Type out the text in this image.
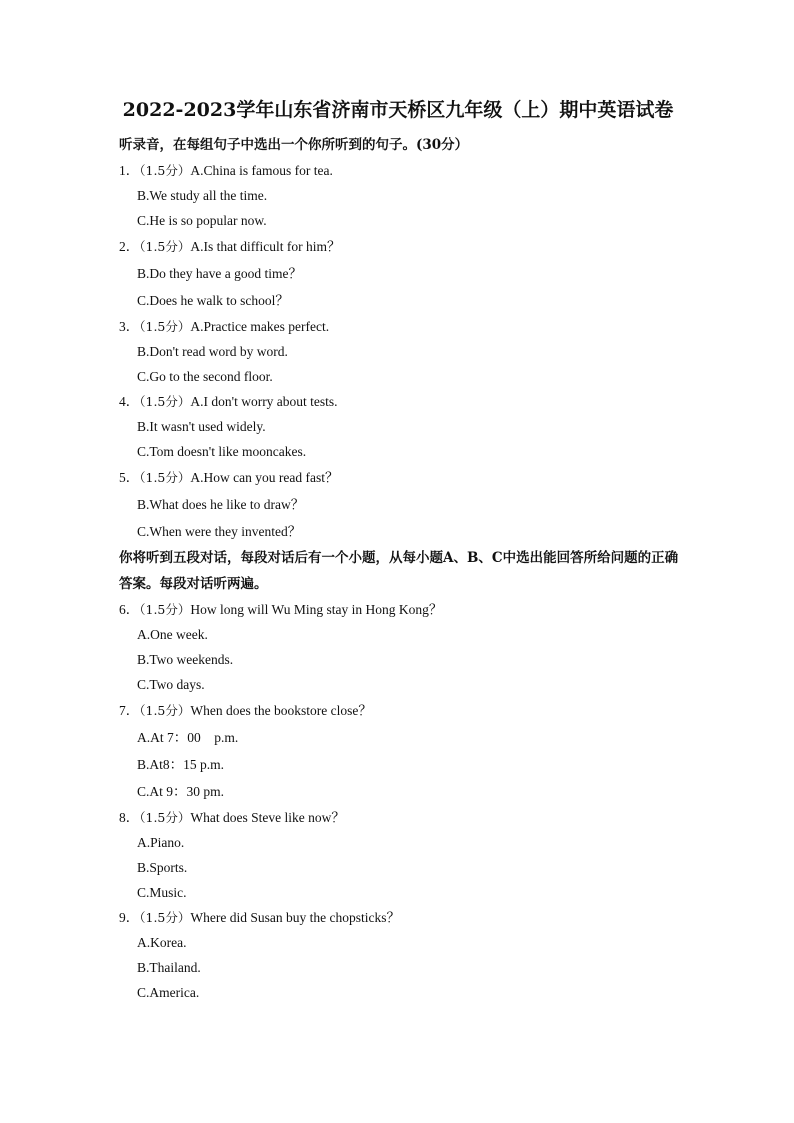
2022-2023学年山东省济南市天桥区九年级（上）期中英语试卷
听录音，在每组句子中选出一个你所听到的句子。(30分）
1．（1.5分）A.China is famous for tea.
B.We study all the time.
C.He is so popular now.
2．（1.5分）A.Is that difficult for him？
B.Do they have a good time？
C.Does he walk to school？
3．（1.5分）A.Practice makes perfect.
B.Don't read word by word.
C.Go to the second floor.
4．（1.5分）A.I don't worry about tests.
B.It wasn't used widely.
C.Tom doesn't like mooncakes.
5．（1.5分）A.How can you read fast？
B.What does he like to draw？
C.When were they invented？
你将听到五段对话，每段对话后有一个小题，从每小题A、B、C中选出能回答所给问题的正确答案。每段对话听两遍。
6．（1.5分）How long will Wu Ming stay in Hong Kong？
A.One week.
B.Two weekends.
C.Two days.
7．（1.5分）When does the bookstore close？
A.At 7：00　p.m.
B.At8：15 p.m.
C.At 9：30 pm.
8．（1.5分）What does Steve like now？
A.Piano.
B.Sports.
C.Music.
9．（1.5分）Where did Susan buy the chopsticks？
A.Korea.
B.Thailand.
C.America.
